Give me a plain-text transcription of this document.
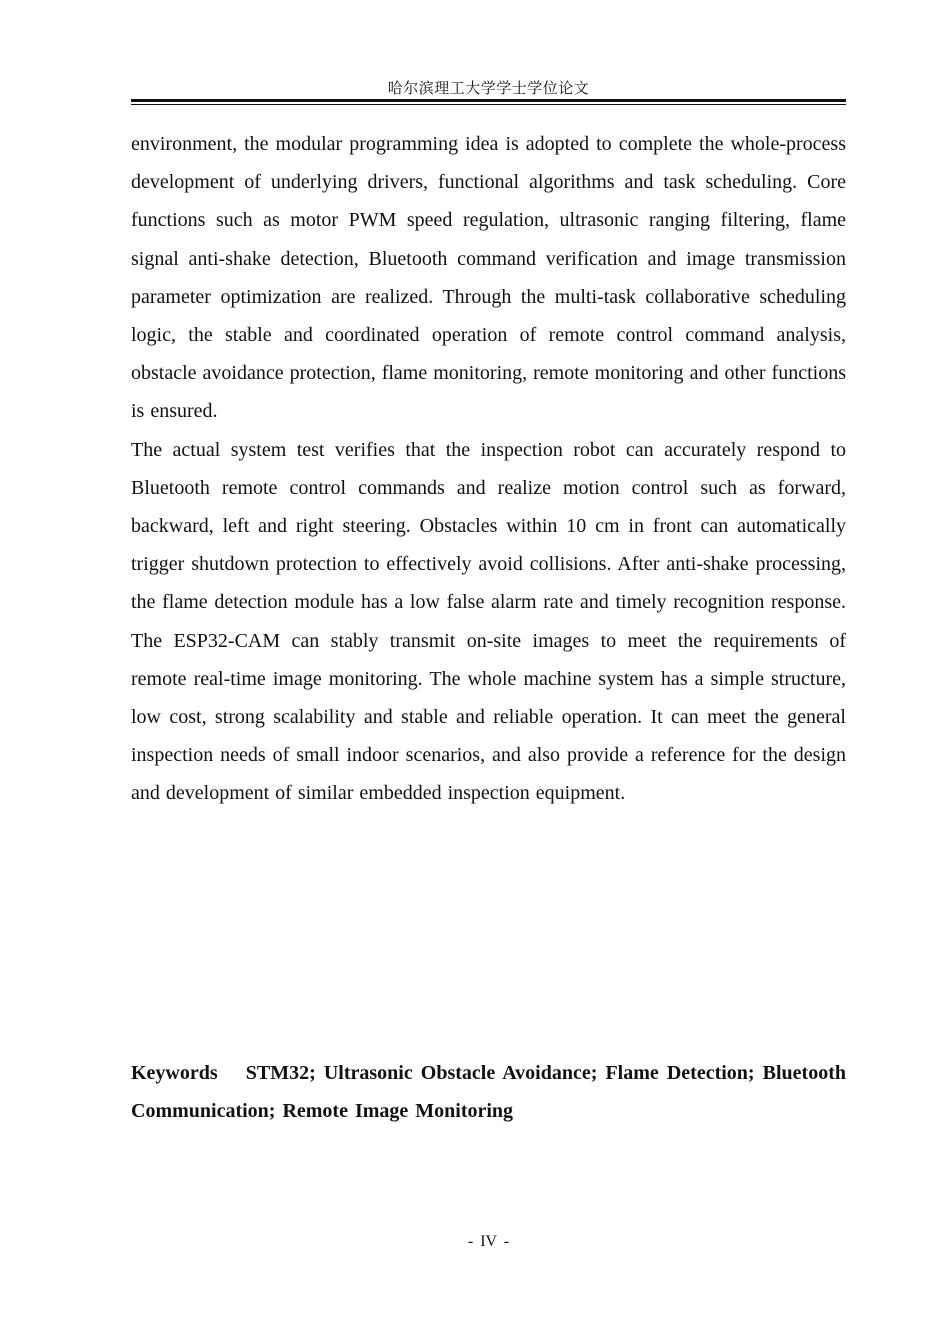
哈尔滨理工大学学士学位论文

environment, the modular programming idea is adopted to complete the whole-process development of underlying drivers, functional algorithms and task scheduling. Core functions such as motor PWM speed regulation, ultrasonic ranging filtering, flame signal anti-shake detection, Bluetooth command verification and image transmission parameter optimization are realized. Through the multi-task collaborative scheduling logic, the stable and coordinated operation of remote control command analysis, obstacle avoidance protection, flame monitoring, remote monitoring and other functions is ensured.

The actual system test verifies that the inspection robot can accurately respond to Bluetooth remote control commands and realize motion control such as forward, backward, left and right steering. Obstacles within 10 cm in front can automatically trigger shutdown protection to effectively avoid collisions. After anti-shake processing, the flame detection module has a low false alarm rate and timely recognition response. The ESP32-CAM can stably transmit on-site images to meet the requirements of remote real-time image monitoring. The whole machine system has a simple structure, low cost, strong scalability and stable and reliable operation. It can meet the general inspection needs of small indoor scenarios, and also provide a reference for the design and development of similar embedded inspection equipment.

Keywords STM32; Ultrasonic Obstacle Avoidance; Flame Detection; Bluetooth Communication; Remote Image Monitoring
- IV -
